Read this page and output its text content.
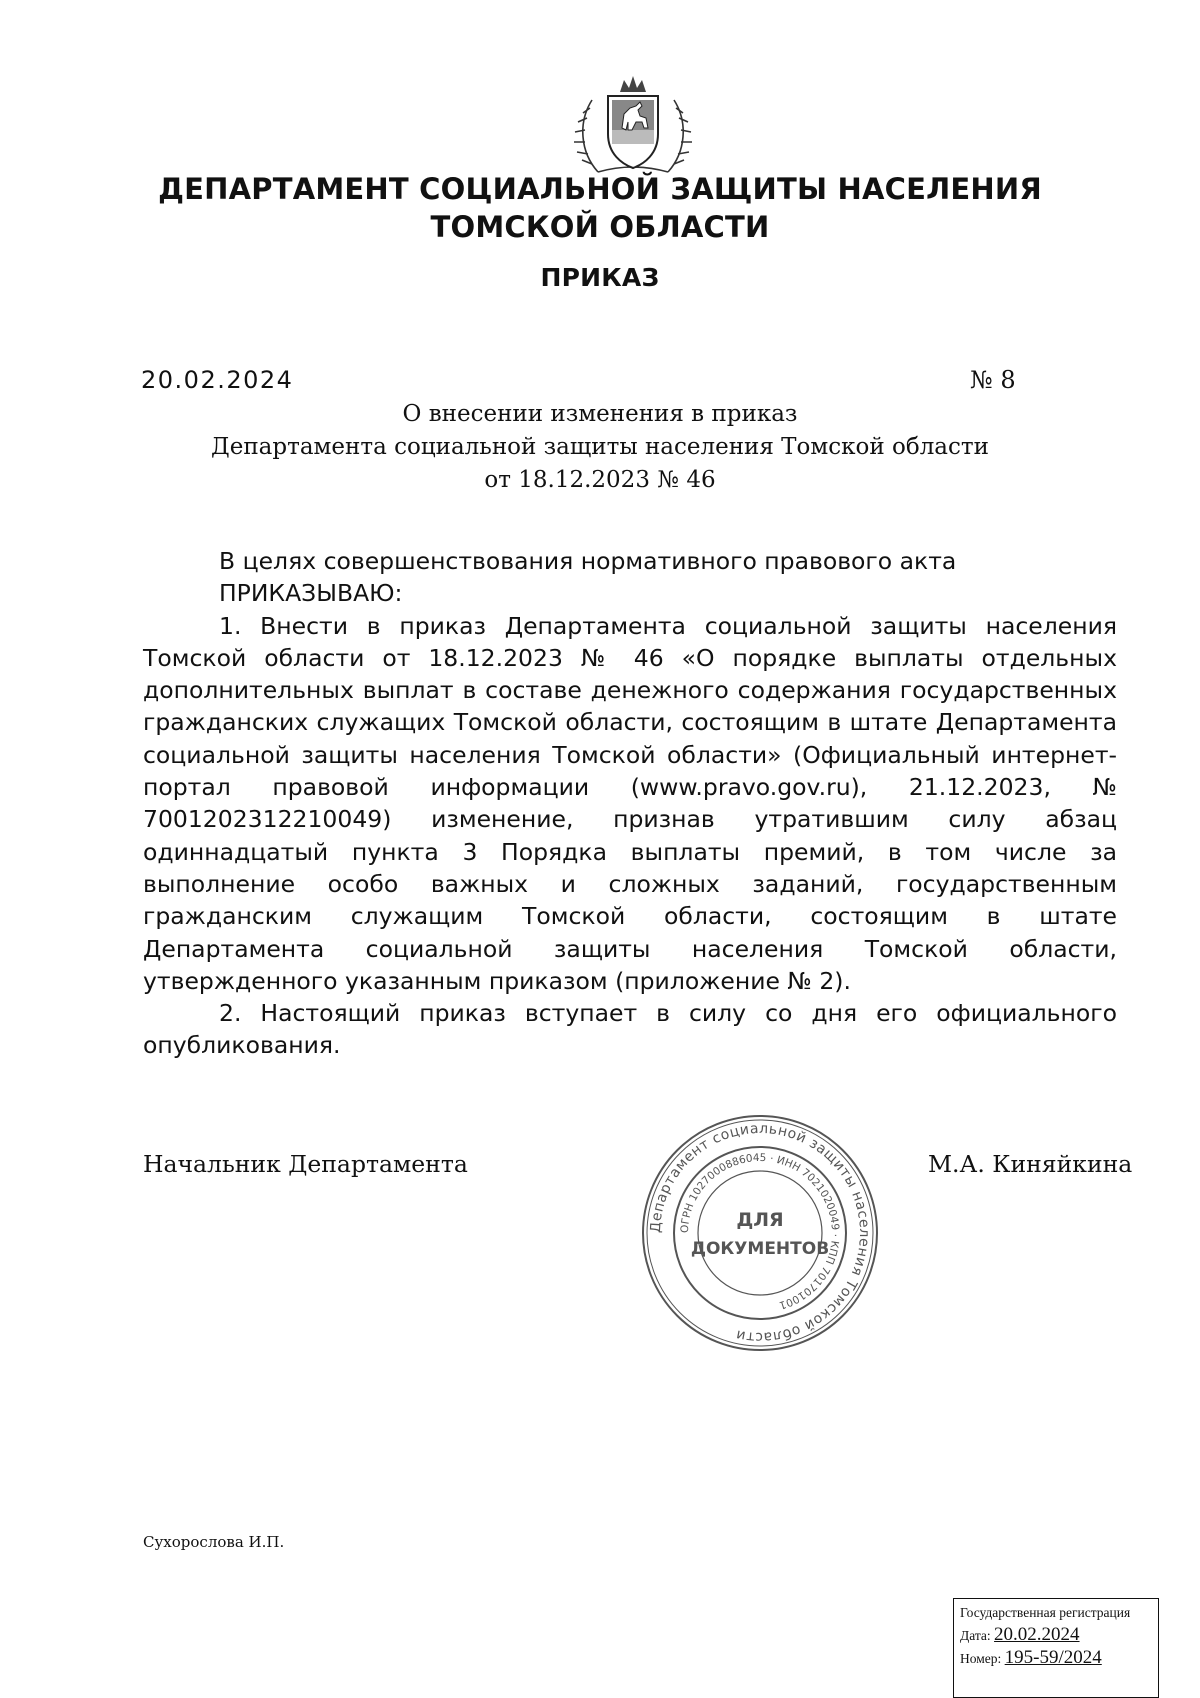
ДЕПАРТАМЕНТ СОЦИАЛЬНОЙ ЗАЩИТЫ НАСЕЛЕНИЯ
ТОМСКОЙ ОБЛАСТИ
ПРИКАЗ
20.02.2024	№ 8
О внесении изменения в приказ
Департамента социальной защиты населения Томской области
от 18.12.2023 № 46

В целях совершенствования нормативного правового акта

ПРИКАЗЫВАЮ:

1. Внести в приказ Департамента социальной защиты населения Томской области от 18.12.2023 № 46 «О порядке выплаты отдельных дополнительных выплат в составе денежного содержания государственных гражданских служащих Томской области, состоящим в штате Департамента социальной защиты населения Томской области» (Официальный интернет-портал правовой информации (www.pravo.gov.ru), 21.12.2023, № 7001202312210049) изменение, признав утратившим силу абзац одиннадцатый пункта 3 Порядка выплаты премий, в том числе за выполнение особо важных и сложных заданий, государственным гражданским служащим Томской области, состоящим в штате Департамента социальной защиты населения Томской области, утвержденного указанным приказом (приложение № 2).

2. Настоящий приказ вступает в силу со дня его официального опубликования.

Начальник Департамента	М.А. Киняйкина
Департамент социальной защиты населения Томской области
ОГРН 1027000886045 · ИНН 7021020049 · КПП 701701001
ДЛЯ
ДОКУМЕНТОВ
Сухорослова И.П.
Государственная регистрация
Дата: 20.02.2024
Номер: 195-59/2024
